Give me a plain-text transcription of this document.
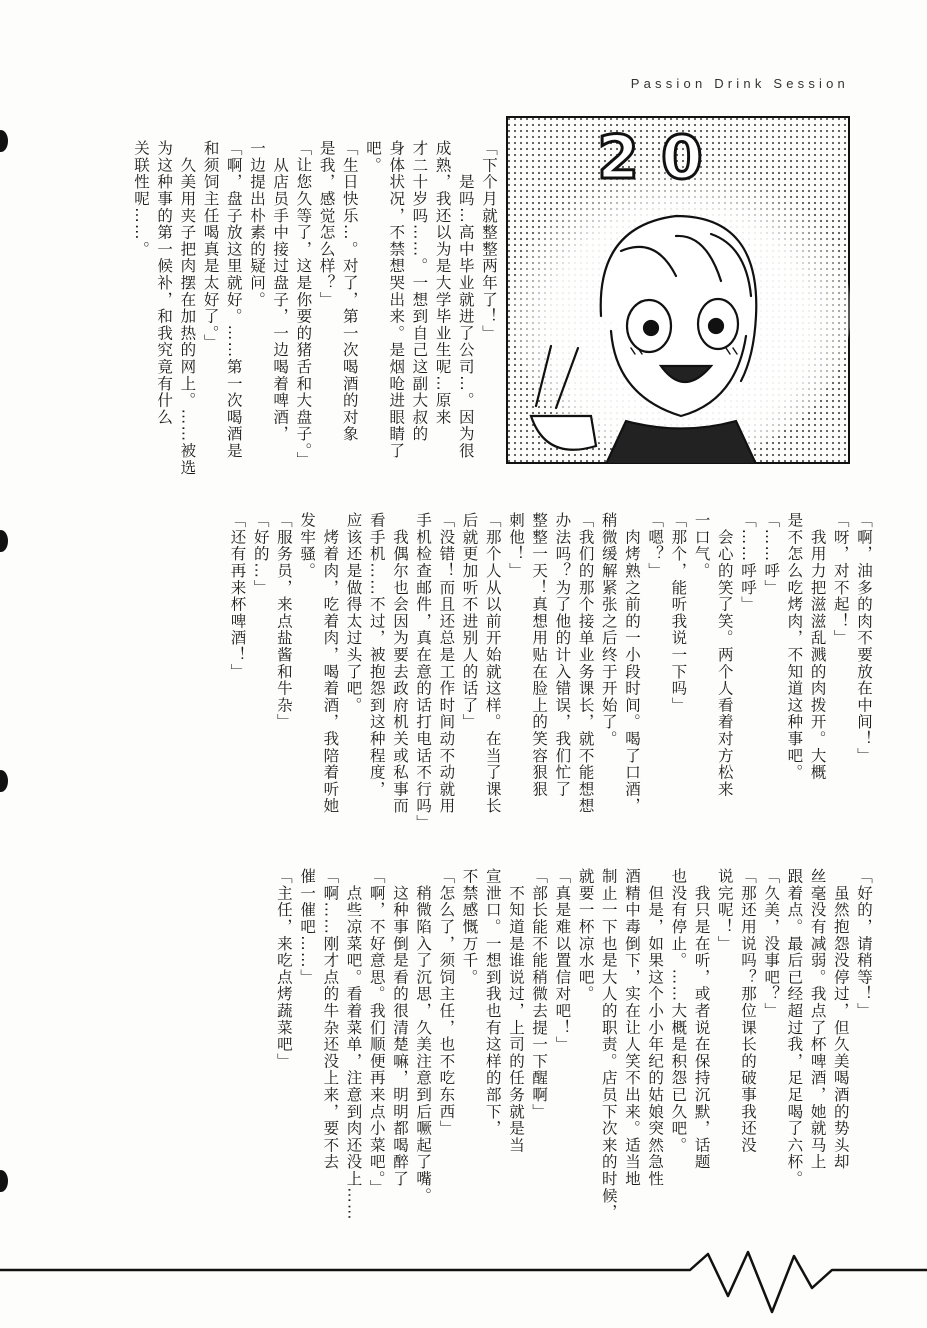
Passion Drink Session
「下个月就整整两年了！」
　　是吗…高中毕业就进了公司…。因为很
成熟，我还以为是大学毕业生呢…原来
才二十岁吗……。一想到自己这副大叔的
身体状况，不禁想哭出来。是烟呛进眼睛了
吧。
「生日快乐…。对了，第一次喝酒的对象
是我，感觉怎么样？」
「让您久等了，这是你要的猪舌和大盘子。」
　从店员手中接过盘子，一边喝着啤酒，
一边提出朴素的疑问。
「啊，盘子放这里就好。……第一次喝酒是
和须饲主任喝真是太好了。」
　久美用夹子把肉摆在加热的网上。……被选
为这种事的第一候补，和我究竟有什么
关联性呢……。	20
「啊，油多的肉不要放在中间！」
「呀，对不起！」
　我用力把滋滋乱溅的肉拨开。大概
是不怎么吃烤肉，不知道这种事吧。
「……呼」
「……呼呼」
　会心的笑了笑。两个人看着对方松来
一口气。
「那个，能听我说一下吗」
「嗯？」
　肉烤熟之前的一小段时间。喝了口酒，
稍微缓解紧张之后终于开始了。
「我们的那个接单业务课长，就不能想想
办法吗？为了他的计入错误，我们忙了
整整一天！真想用贴在脸上的笑容狠狠
刺他！」
「那个人从以前开始就这样。在当了课长
后就更加听不进别人的话了」
「没错！而且还总是工作时间动不动就用
手机检查邮件，真在意的话打电话不行吗」
　我偶尔也会因为要去政府机关或私事而
看手机……不过，被抱怨到这种程度，
应该还是做得太过头了吧。
　烤着肉，吃着肉，喝着酒，我陪着听她
发牢骚。
「服务员，来点盐酱和牛杂」
「好的…」
「还有再来杯啤酒！」
「好的，请稍等！」
　虽然抱怨没停过，但久美喝酒的势头却
丝毫没有减弱。我点了杯啤酒，她就马上
跟着点。最后已经超过我，足足喝了六杯。
「久美，没事吧？」
「那还用说吗？那位课长的破事我还没
说完呢！」
　我只是在听，或者说在保持沉默，话题
也没有停止。……大概是积怨已久吧。
　但是，如果这个小小年纪的姑娘突然急性
酒精中毒倒下，实在让人笑不出来。适当地
制止一下也是大人的职责。店员下次来的时候，
就要一杯凉水吧。
「真是难以置信对吧！」
「部长能不能稍微去提一下醒啊」
　不知道是谁说过，上司的任务就是当
宣泄口。一想到我也有这样的部下，
不禁感慨万千。
「怎么了，须饲主任，也不吃东西」
　稍微陷入了沉思，久美注意到后噘起了嘴。
　这种事倒是看的很清楚嘛，明明都喝醉了
「啊，不好意思。我们顺便再来点小菜吧。」
　点些凉菜吧。看着菜单，注意到肉还没上……
「啊……刚才点的牛杂还没上来，要不去
催一催吧……」
「主任，来吃点烤蔬菜吧」
